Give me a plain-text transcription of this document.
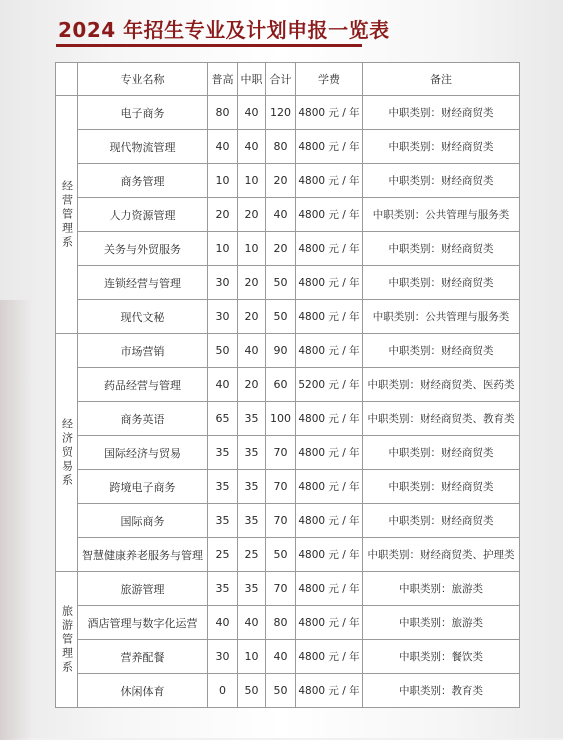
2024 年招生专业及计划申报一览表
	专业名称	普高	中职	合计	学费	备注
经营管理系	电子商务	80	40	120	4800 元 / 年	中职类别：财经商贸类
	现代物流管理	40	40	80	4800 元 / 年	中职类别：财经商贸类
	商务管理	10	10	20	4800 元 / 年	中职类别：财经商贸类
	人力资源管理	20	20	40	4800 元 / 年	中职类别：公共管理与服务类
	关务与外贸服务	10	10	20	4800 元 / 年	中职类别：财经商贸类
	连锁经营与管理	30	20	50	4800 元 / 年	中职类别：财经商贸类
	现代文秘	30	20	50	4800 元 / 年	中职类别：公共管理与服务类
经济贸易系	市场营销	50	40	90	4800 元 / 年	中职类别：财经商贸类
	药品经营与管理	40	20	60	5200 元 / 年	中职类别：财经商贸类、医药类
	商务英语	65	35	100	4800 元 / 年	中职类别：财经商贸类、教育类
	国际经济与贸易	35	35	70	4800 元 / 年	中职类别：财经商贸类
	跨境电子商务	35	35	70	4800 元 / 年	中职类别：财经商贸类
	国际商务	35	35	70	4800 元 / 年	中职类别：财经商贸类
	智慧健康养老服务与管理	25	25	50	4800 元 / 年	中职类别：财经商贸类、护理类
旅游管理系	旅游管理	35	35	70	4800 元 / 年	中职类别：旅游类
	酒店管理与数字化运营	40	40	80	4800 元 / 年	中职类别：旅游类
	营养配餐	30	10	40	4800 元 / 年	中职类别：餐饮类
	休闲体育	0	50	50	4800 元 / 年	中职类别：教育类
